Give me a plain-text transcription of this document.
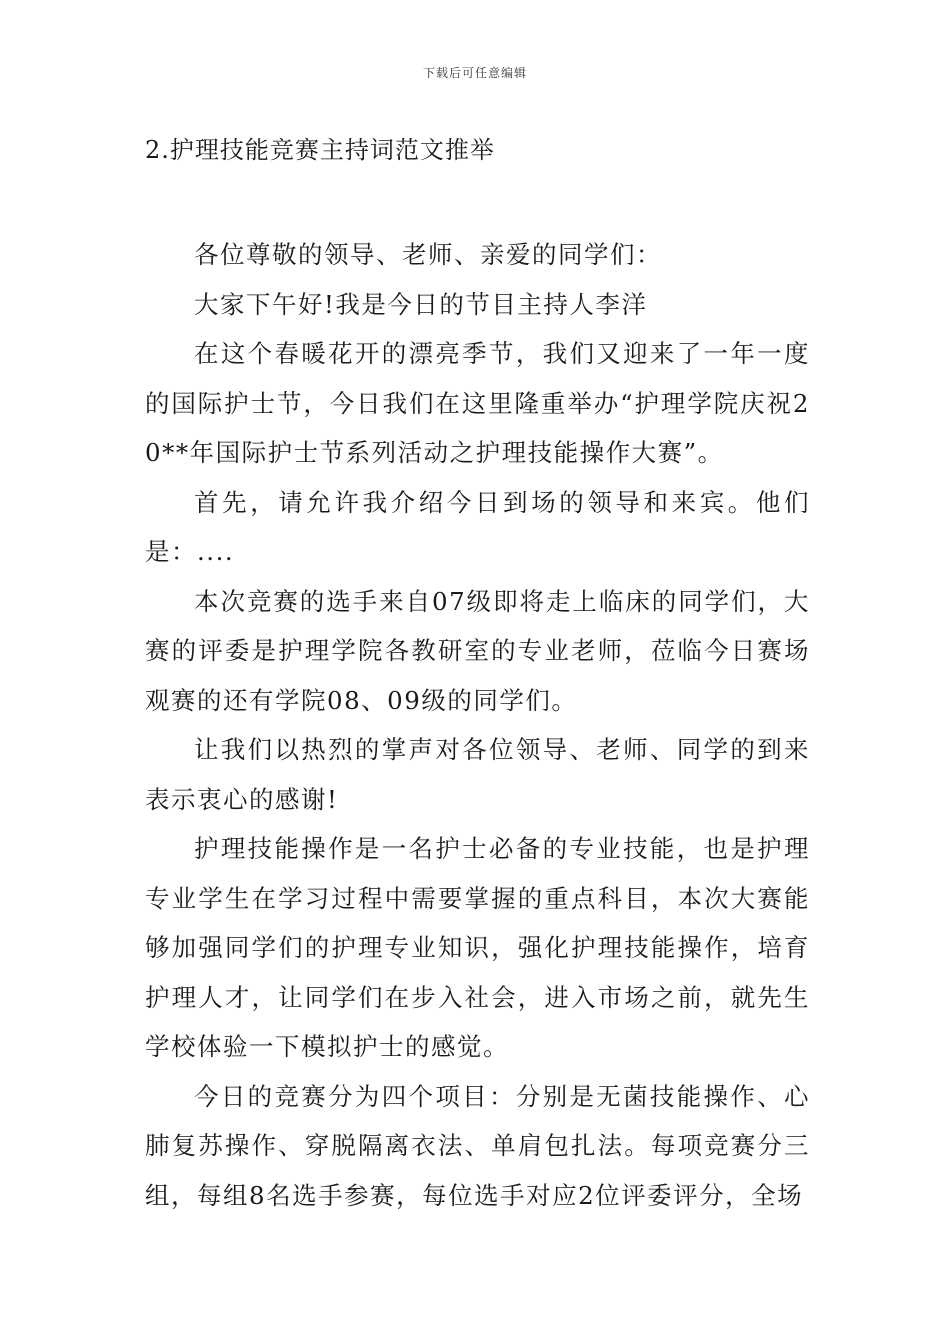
下载后可任意编辑
2.护理技能竞赛主持词范文推举

各位尊敬的领导、老师、亲爱的同学们：

大家下午好!我是今日的节目主持人李洋

在这个春暖花开的漂亮季节，我们又迎来了一年一度的国际护士节，今日我们在这里隆重举办“护理学院庆祝20**年国际护士节系列活动之护理技能操作大赛”。

首先，请允许我介绍今日到场的领导和来宾。他们是：....

本次竞赛的选手来自07级即将走上临床的同学们，大赛的评委是护理学院各教研室的专业老师，莅临今日赛场观赛的还有学院08、09级的同学们。

让我们以热烈的掌声对各位领导、老师、同学的到来表示衷心的感谢!

护理技能操作是一名护士必备的专业技能，也是护理专业学生在学习过程中需要掌握的重点科目，本次大赛能够加强同学们的护理专业知识，强化护理技能操作，培育护理人才，让同学们在步入社会，进入市场之前，就先生学校体验一下模拟护士的感觉。

今日的竞赛分为四个项目：分别是无菌技能操作、心肺复苏操作、穿脱隔离衣法、单肩包扎法。每项竞赛分三组，每组8名选手参赛，每位选手对应2位评委评分，全场
